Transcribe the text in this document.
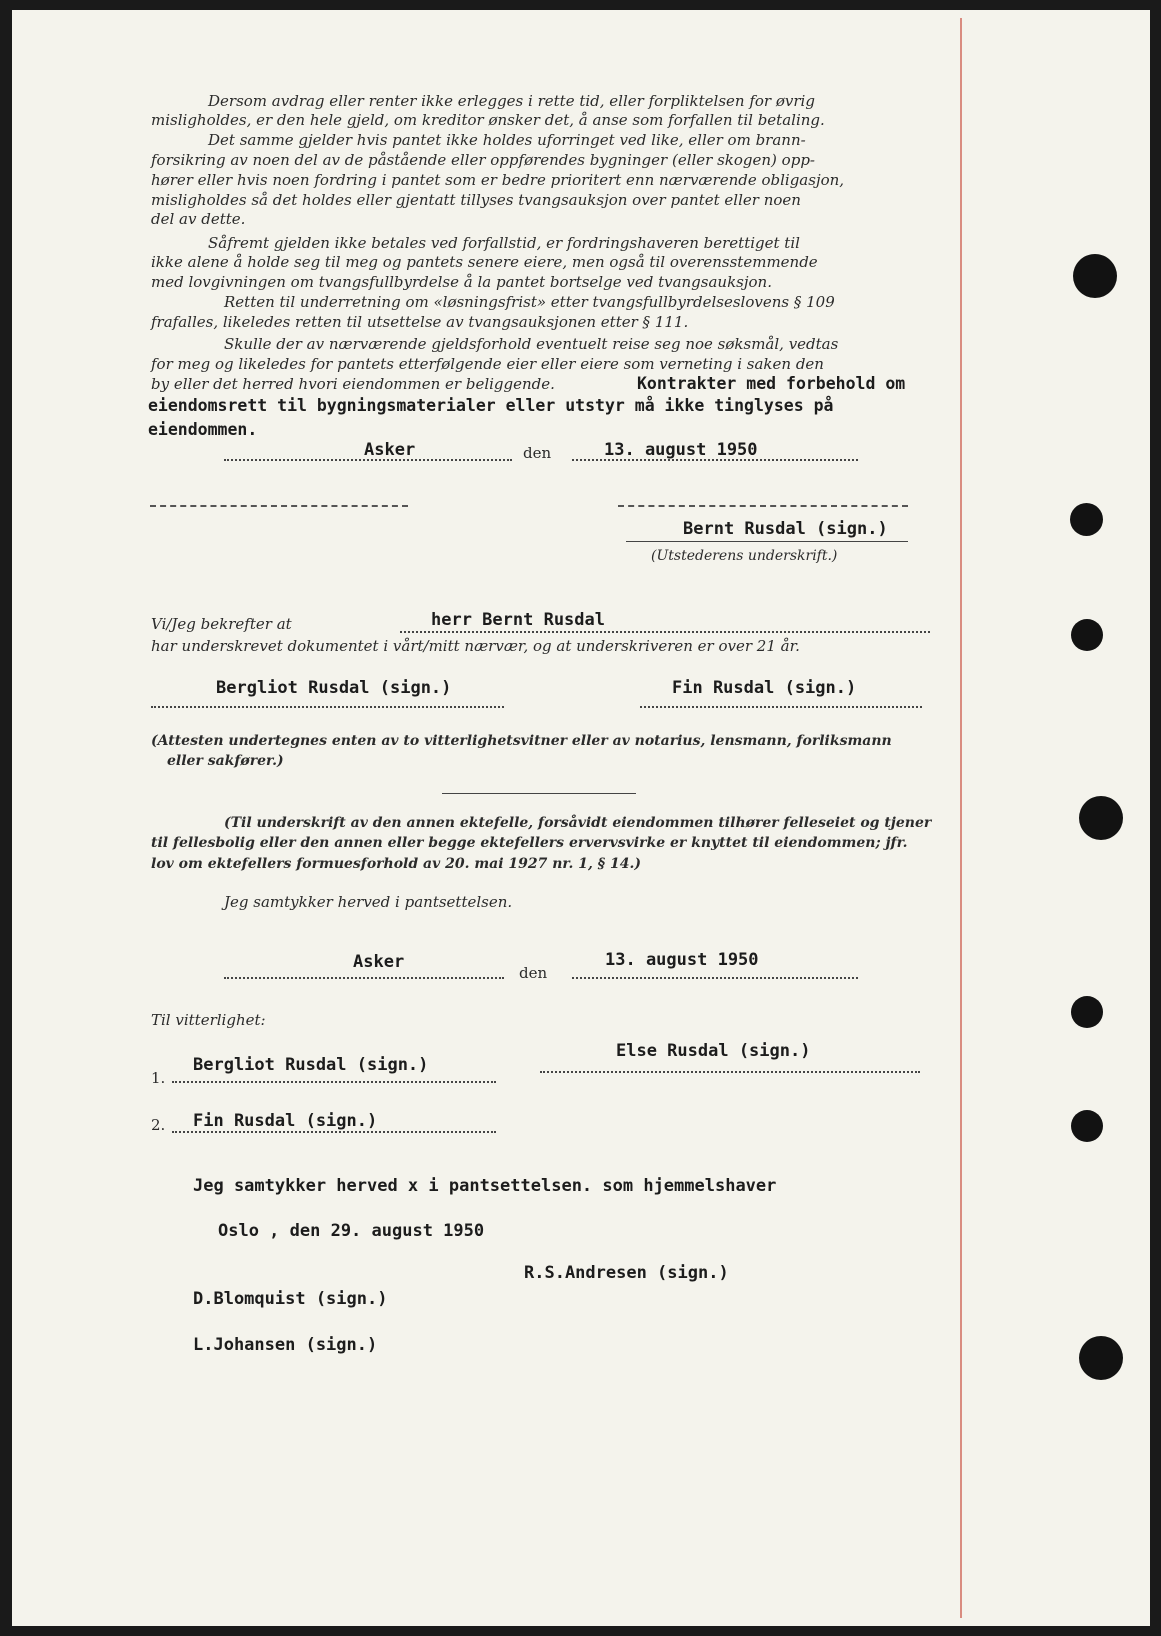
Dersom avdrag eller renter ikke erlegges i rette tid, eller forpliktelsen for øvrig
misligholdes, er den hele gjeld, om kreditor ønsker det, å anse som forfallen til betaling.
Det samme gjelder hvis pantet ikke holdes uforringet ved like, eller om brann-
forsikring av noen del av de påstående eller oppførendes bygninger (eller skogen) opp-
hører eller hvis noen fordring i pantet som er bedre prioritert enn nærværende obligasjon,
misligholdes så det holdes eller gjentatt tillyses tvangsauksjon over pantet eller noen
del av dette.
Såfremt gjelden ikke betales ved forfallstid, er fordringshaveren berettiget til
ikke alene å holde seg til meg og pantets senere eiere, men også til overensstemmende
med lovgivningen om tvangsfullbyrdelse å la pantet bortselge ved tvangsauksjon.
Retten til underretning om «løsningsfrist» etter tvangsfullbyrdelseslovens § 109
frafalles, likeledes retten til utsettelse av tvangsauksjonen etter § 111.
Skulle der av nærværende gjeldsforhold eventuelt reise seg noe søksmål, vedtas
for meg og likeledes for pantets etterfølgende eier eller eiere som verneting i saken den
by eller det herred hvori eiendommen er beliggende.	Kontrakter med forbehold om
eiendomsrett til bygningsmaterialer eller utstyr må ikke tinglyses på
eiendommen.
Asker	den	13. august 1950
Bernt Rusdal (sign.)
(Utstederens underskrift.)
Vi/Jeg bekrefter at	herr Bernt Rusdal
har underskrevet dokumentet i vårt/mitt nærvær, og at underskriveren er over 21 år.
Bergliot Rusdal (sign.)	Fin Rusdal (sign.)
(Attesten undertegnes enten av to vitterlighetsvitner eller av notarius, lensmann, forliksmann
eller sakfører.)
(Til underskrift av den annen ektefelle, forsåvidt eiendommen tilhører felleseiet og tjener
til fellesbolig eller den annen eller begge ektefellers ervervsvirke er knyttet til eiendommen; jfr.
lov om ektefellers formuesforhold av 20. mai 1927 nr. 1, § 14.)
Jeg samtykker herved i pantsettelsen.
Asker
den
13. august 1950
Til vitterlighet:
Else Rusdal (sign.)
1.
Bergliot Rusdal (sign.)
2. Fin Rusdal (sign.)
Jeg samtykker herved x i pantsettelsen. som hjemmelshaver
Oslo , den 29. august 1950
R.S.Andresen (sign.)
D.Blomquist (sign.)
L.Johansen (sign.)
